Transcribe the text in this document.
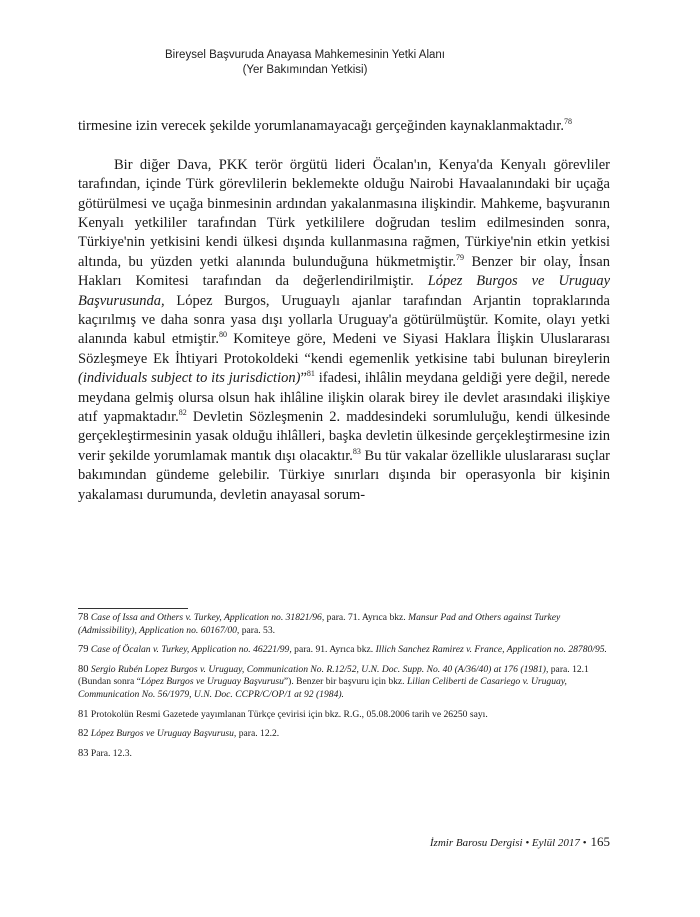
Bireysel Başvuruda Anayasa Mahkemesinin Yetki Alanı
(Yer Bakımından Yetkisi)

tirmesine izin verecek şekilde yorumlanamayacağı gerçeğinden kaynaklanmaktadır.$^{78}$

Bir diğer Dava, PKK terör örgütü lideri Öcalan'ın, Kenya'da Kenyalı görevliler tarafından, içinde Türk görevlilerin beklemekte olduğu Nairobi Havaalanındaki bir uçağa götürülmesi ve uçağa binmesinin ardından yakalanmasına ilişkindir. Mahkeme, başvuranın Kenyalı yetkililer tarafından Türk yetkililere doğrudan teslim edilmesinden sonra, Türkiye'nin yetkisini kendi ülkesi dışında kullanmasına rağmen, Türkiye'nin etkin yetkisi altında, bu yüzden yetki alanında bulunduğuna hükmetmiştir.$^{79}$ Benzer bir olay, İnsan Hakları Komitesi tarafından da değerlendirilmiştir. Lόpez Burgos ve Uruguay Başvurusunda, Lόpez Burgos, Uruguaylı ajanlar tarafından Arjantin topraklarında kaçırılmış ve daha sonra yasa dışı yollarla Uruguay'a götürülmüştür. Komite, olayı yetki alanında kabul etmiştir.$^{80}$ Komiteye göre, Medeni ve Siyasi Haklara İlişkin Uluslararası Sözleşmeye Ek İhtiyari Protokoldeki “kendi egemenlik yetkisine tabi bulunan bireylerin (individuals subject to its jurisdiction)”$^{81}$ ifadesi, ihlâlin meydana geldiği yere değil, nerede meydana gelmiş olursa olsun hak ihlâline ilişkin olarak birey ile devlet arasındaki ilişkiye atıf yapmaktadır.$^{82}$ Devletin Sözleşmenin 2. maddesindeki sorumluluğu, kendi ülkesinde gerçekleştirmesinin yasak olduğu ihlâlleri, başka devletin ülkesinde gerçekleştirmesine izin verir şekilde yorumlamak mantık dışı olacaktır.$^{83}$ Bu tür vakalar özellikle uluslararası suçlar bakımından gündeme gelebilir. Türkiye sınırları dışında bir operasyonla bir kişinin yakalaması durumunda, devletin anayasal sorum-

78 Case of Issa and Others v. Turkey, Application no. 31821/96, para. 71. Ayrıca bkz. Mansur Pad and Others against Turkey (Admissibility), Application no. 60167/00, para. 53.

79 Case of Öcalan v. Turkey, Application no. 46221/99, para. 91. Ayrıca bkz. Illich Sanchez Ramirez v. France, Application no. 28780/95.

80 Sergio Rubén Lopez Burgos v. Uruguay, Communication No. R.12/52, U.N. Doc. Supp. No. 40 (A/36/40) at 176 (1981), para. 12.1 (Bundan sonra “Lόpez Burgos ve Uruguay Başvurusu”). Benzer bir başvuru için bkz. Lilian Celiberti de Casariego v. Uruguay, Communication No. 56/1979, U.N. Doc. CCPR/C/OP/1 at 92 (1984).

81 Protokolün Resmi Gazetede yayımlanan Türkçe çevirisi için bkz. R.G., 05.08.2006 tarih ve 26250 sayı.

82 Lόpez Burgos ve Uruguay Başvurusu, para. 12.2.

83 Para. 12.3.

İzmir Barosu Dergisi • Eylül 2017 • 165
